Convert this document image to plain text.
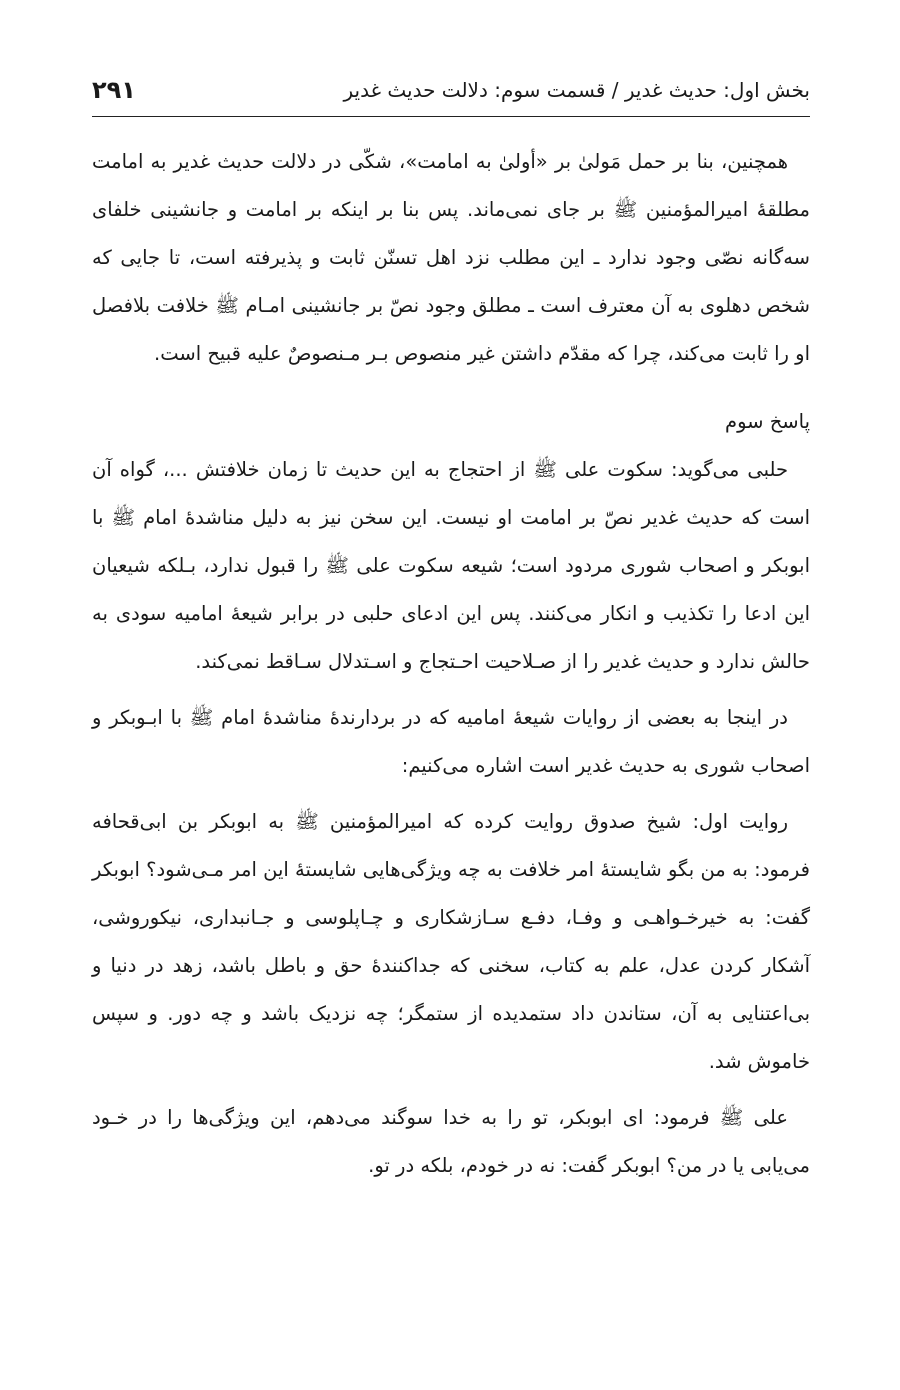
۲۹۱	بخش اول: حدیث غدیر / قسمت سوم: دلالت حدیث غدیر

همچنین، بنا بر حمل مَولیٰ بر «أولیٰ به امامت»، شکّی در دلالت حدیث غدیر به امامت مطلقهٔ امیرالمؤمنین ﷺ بر جای نمی‌ماند. پس بنا بر اینکه بر امامت و جانشینی خلفای سه‌گانه نصّی وجود ندارد ـ این مطلب نزد اهل تسنّن ثابت و پذیرفته است، تا جایی که شخص دهلوی به آن معترف است ـ مطلق وجود نصّ بر جانشینی امـام ﷺ خلافت بلافصل او را ثابت می‌کند، چرا که مقدّم داشتن غیر منصوص بـر مـنصوصٌ علیه قبیح است.

پاسخ سوم

حلبی می‌گوید: سکوت علی ﷺ از احتجاج به این حدیث تا زمان خلافتش ...، گواه آن است که حدیث غدیر نصّ بر امامت او نیست. این سخن نیز به دلیل مناشدهٔ امام ﷺ با ابوبکر و اصحاب شوری مردود است؛ شیعه سکوت علی ﷺ را قبول ندارد، بـلکه شیعیان این ادعا را تکذیب و انکار می‌کنند. پس این ادعای حلبی در برابر شیعهٔ امامیه سودی به حالش ندارد و حدیث غدیر را از صـلاحیت احـتجاج و اسـتدلال سـاقط نمی‌کند.

در اینجا به بعضی از روایات شیعهٔ امامیه که در بردارندهٔ مناشدهٔ امام ﷺ با ابـوبکر و اصحاب شوری به حدیث غدیر است اشاره می‌کنیم:

روایت اول: شیخ صدوق روایت کرده که امیرالمؤمنین ﷺ به ابوبکر بن ابی‌قحافه فرمود: به من بگو شایستهٔ امر خلافت به چه ویژگی‌هایی شایستهٔ این امر مـی‌شود؟ ابوبکر گفت: به خیرخـواهـی و وفـا، دفـع سـازشکاری و چـاپلوسی و جـانبداری، نیکوروشی، آشکار کردن عدل، علم به کتاب، سخنی که جداکنندهٔ حق و باطل باشد، زهد در دنیا و بی‌اعتنایی به آن، ستاندن داد ستمدیده از ستمگر؛ چه نزدیک باشد و چه دور. و سپس خاموش شد.

علی ﷺ فرمود: ای ابوبکر، تو را به خدا سوگند می‌دهم، این ویژگی‌ها را در خـود می‌یابی یا در من؟ ابوبکر گفت: نه در خودم، بلکه در تو.
